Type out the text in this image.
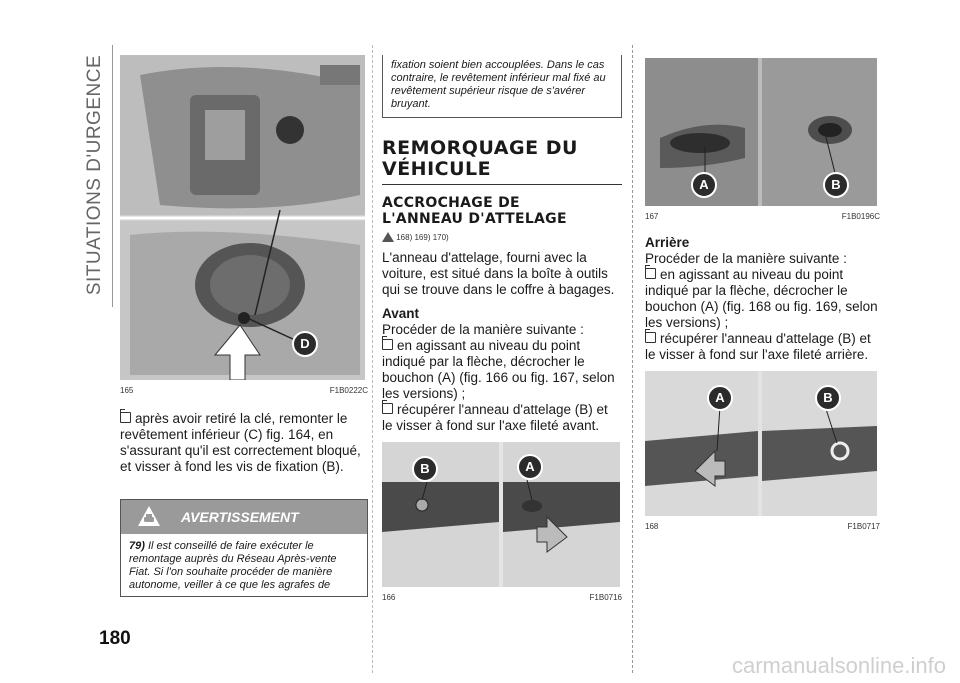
SITUATIONS D'URGENCE
180
D
165	F1B0222C

après avoir retiré la clé, remonter le revêtement inférieur (C) fig. 164, en s'assurant qu'il est correctement bloqué, et visser à fond les vis de fixation (B).

AVERTISSEMENT
79) Il est conseillé de faire exécuter le remontage auprès du Réseau Après-vente Fiat. Si l'on souhaite procéder de manière autonome, veiller à ce que les agrafes de
fixation soient bien accouplées. Dans le cas contraire, le revêtement inférieur mal fixé au revêtement supérieur risque de s'avérer bruyant.
REMORQUAGE DU
VÉHICULE
ACCROCHAGE DE
L'ANNEAU D'ATTELAGE
168) 169) 170)

L'anneau d'attelage, fourni avec la voiture, est situé dans la boîte à outils qui se trouve dans le coffre à bagages.

Avant

Procéder de la manière suivante :

en agissant au niveau du point indiqué par la flèche, décrocher le bouchon (A) (fig. 166 ou fig. 167, selon les versions) ;

récupérer l'anneau d'attelage (B) et le visser à fond sur l'axe fileté avant.

B	A
166	F1B0716
A	B
167	F1B0196C
Arrière

Procéder de la manière suivante :

en agissant au niveau du point indiqué par la flèche, décrocher le bouchon (A) (fig. 168 ou fig. 169, selon les versions) ;

récupérer l'anneau d'attelage (B) et le visser à fond sur l'axe fileté arrière.

A	B
168	F1B0717
carmanualsonline.info
